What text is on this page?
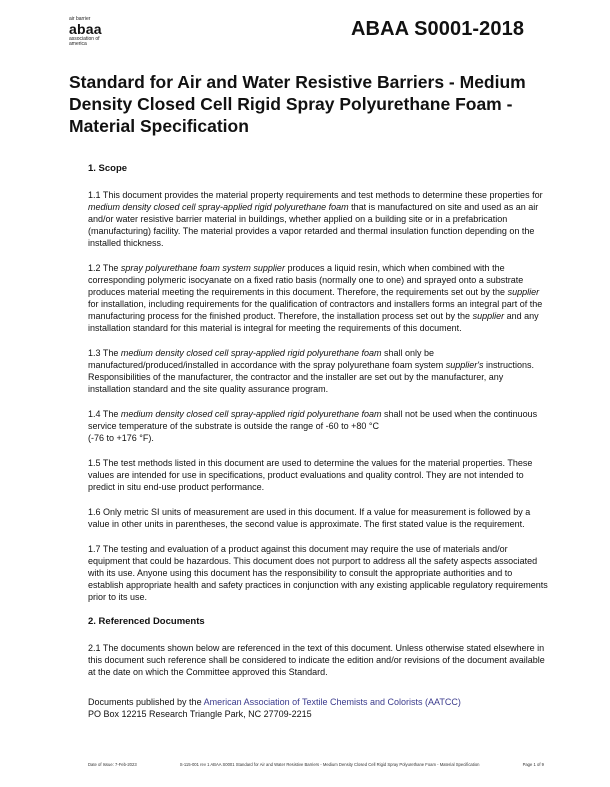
air barrier
abaa
association of
america
ABAA S0001-2018
Standard for Air and Water Resistive Barriers - Medium Density Closed Cell Rigid Spray Polyurethane Foam - Material Specification
1. Scope

1.1 This document provides the material property requirements and test methods to determine these properties for medium density closed cell spray-applied rigid polyurethane foam that is manufactured on site and used as an air and/or water resistive barrier material in buildings, whether applied on a building site or in a prefabrication (manufacturing) facility. The material provides a vapor retarded and thermal insulation function depending on the installed thickness.

1.2 The spray polyurethane foam system supplier produces a liquid resin, which when combined with the corresponding polymeric isocyanate on a fixed ratio basis (normally one to one) and sprayed onto a substrate produces material meeting the requirements in this document. Therefore, the requirements set out by the supplier for installation, including requirements for the qualification of contractors and installers forms an integral part of the manufacturing process for the finished product. Therefore, the installation process set out by the supplier and any installation standard for this material is integral for meeting the requirements of this document.

1.3 The medium density closed cell spray-applied rigid polyurethane foam shall only be manufactured/produced/installed in accordance with the spray polyurethane foam system supplier's instructions. Responsibilities of the manufacturer, the contractor and the installer are set out by the manufacturer, any installation standard and the site quality assurance program.

1.4 The medium density closed cell spray-applied rigid polyurethane foam shall not be used when the continuous service temperature of the substrate is outside the range of -60 to +80 °C
(-76 to +176 °F).

1.5 The test methods listed in this document are used to determine the values for the material properties. These values are intended for use in specifications, product evaluations and quality control. They are not intended to predict in situ end-use product performance.

1.6 Only metric SI units of measurement are used in this document. If a value for measurement is followed by a value in other units in parentheses, the second value is approximate. The first stated value is the requirement.

1.7 The testing and evaluation of a product against this document may require the use of materials and/or equipment that could be hazardous. This document does not purport to address all the safety aspects associated with its use. Anyone using this document has the responsibility to consult the appropriate authorities and to establish appropriate health and safety practices in conjunction with any existing applicable regulatory requirements prior to its use.

2. Referenced Documents

2.1 The documents shown below are referenced in the text of this document. Unless otherwise stated elsewhere in this document such reference shall be considered to indicate the edition and/or revisions of the document available at the date on which the Committee approved this Standard.

Documents published by the American Association of Textile Chemists and Colorists (AATCC)
PO Box 12215 Research Triangle Park, NC 27709-2215
Date of Issue: 7-Feb-2023	S-115-001 rev 1 ABAA S0001 Standard for Air and Water Resistive Barriers - Medium Density Closed Cell Rigid Spray Polyurethane Foam - Material Specification	Page 1 of 9
